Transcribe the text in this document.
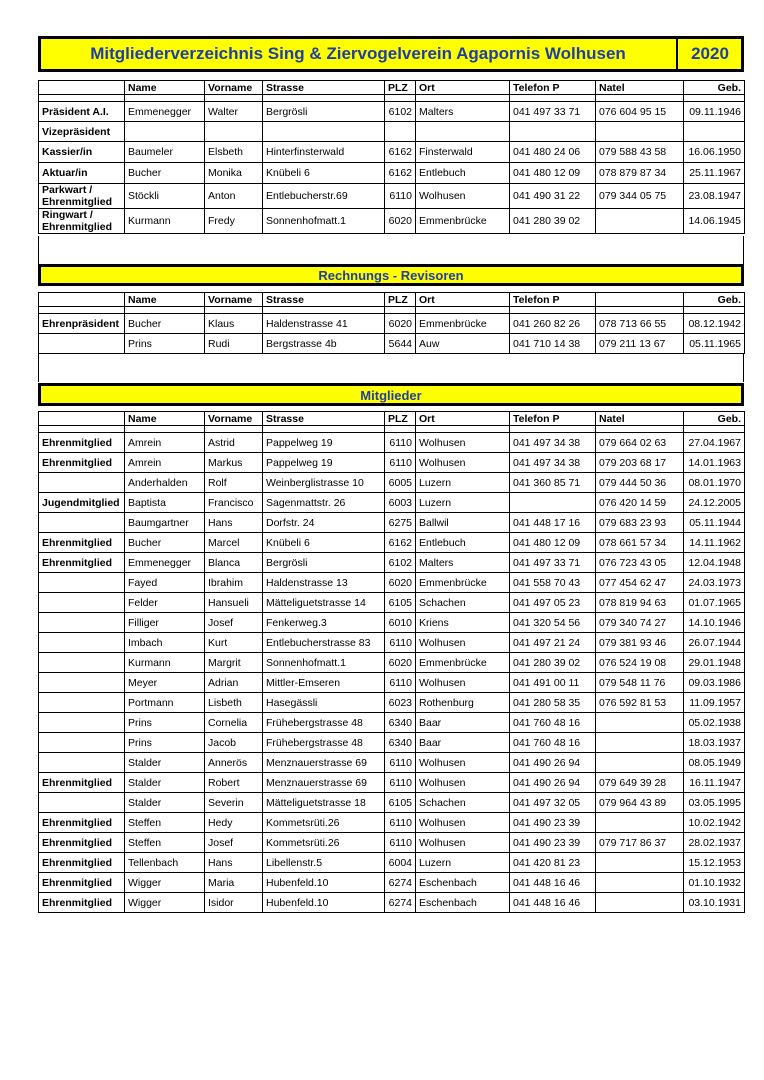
Mitgliederverzeichnis Sing & Ziervogelverein Agapornis Wolhusen	2020
	Name	Vorname	Strasse	PLZ	Ort	Telefon P	Natel	Geb.

Präsident A.I.	Emmenegger	Walter	Bergrösli	6102	Malters	041 497 33 71	076 604 95 15	09.11.1946
Vizepräsident								
Kassier/in	Baumeler	Elsbeth	Hinterfinsterwald	6162	Finsterwald	041 480 24 06	079 588 43 58	16.06.1950
Aktuar/in	Bucher	Monika	Knübeli 6	6162	Entlebuch	041 480 12 09	078 879 87 34	25.11.1967
Parkwart / Ehrenmitglied	Stöckli	Anton	Entlebucherstr.69	6110	Wolhusen	041 490 31 22	079 344 05 75	23.08.1947
Ringwart / Ehrenmitglied	Kurmann	Fredy	Sonnenhofmatt.1	6020	Emmenbrücke	041 280 39 02		14.06.1945
Rechnungs - Revisoren
	Name	Vorname	Strasse	PLZ	Ort	Telefon P		Geb.

Ehrenpräsident	Bucher	Klaus	Haldenstrasse 41	6020	Emmenbrücke	041 260 82 26	078 713 66 55	08.12.1942
	Prins	Rudi	Bergstrasse 4b	5644	Auw	041 710 14 38	079 211 13 67	05.11.1965
Mitglieder
	Name	Vorname	Strasse	PLZ	Ort	Telefon P	Natel	Geb.

Ehrenmitglied	Amrein	Astrid	Pappelweg 19	6110	Wolhusen	041 497 34 38	079 664 02 63	27.04.1967
Ehrenmitglied	Amrein	Markus	Pappelweg 19	6110	Wolhusen	041 497 34 38	079 203 68 17	14.01.1963
	Anderhalden	Rolf	Weinberglistrasse 10	6005	Luzern	041 360 85 71	079 444 50 36	08.01.1970
Jugendmitglied	Baptista	Francisco	Sagenmattstr. 26	6003	Luzern		076 420 14 59	24.12.2005
	Baumgartner	Hans	Dorfstr. 24	6275	Ballwil	041 448 17 16	079 683 23 93	05.11.1944
Ehrenmitglied	Bucher	Marcel	Knübeli 6	6162	Entlebuch	041 480 12 09	078 661 57 34	14.11.1962
Ehrenmitglied	Emmenegger	Blanca	Bergrösli	6102	Malters	041 497 33 71	076 723 43 05	12.04.1948
	Fayed	Ibrahim	Haldenstrasse 13	6020	Emmenbrücke	041 558 70 43	077 454 62 47	24.03.1973
	Felder	Hansueli	Mätteliguetstrasse 14	6105	Schachen	041 497 05 23	078 819 94 63	01.07.1965
	Filliger	Josef	Fenkerweg.3	6010	Kriens	041 320 54 56	079 340 74 27	14.10.1946
	Imbach	Kurt	Entlebucherstrasse 83	6110	Wolhusen	041 497 21 24	079 381 93 46	26.07.1944
	Kurmann	Margrit	Sonnenhofmatt.1	6020	Emmenbrücke	041 280 39 02	076 524 19 08	29.01.1948
	Meyer	Adrian	Mittler-Emseren	6110	Wolhusen	041 491 00 11	079 548 11 76	09.03.1986
	Portmann	Lisbeth	Hasegässli	6023	Rothenburg	041 280 58 35	076 592 81 53	11.09.1957
	Prins	Cornelia	Frühebergstrasse 48	6340	Baar	041 760 48 16		05.02.1938
	Prins	Jacob	Frühebergstrasse 48	6340	Baar	041 760 48 16		18.03.1937
	Stalder	Annerös	Menznauerstrasse 69	6110	Wolhusen	041 490 26 94		08.05.1949
Ehrenmitglied	Stalder	Robert	Menznauerstrasse 69	6110	Wolhusen	041 490 26 94	079 649 39 28	16.11.1947
	Stalder	Severin	Mätteliguetstrasse 18	6105	Schachen	041 497 32 05	079 964 43 89	03.05.1995
Ehrenmitglied	Steffen	Hedy	Kommetsrüti.26	6110	Wolhusen	041 490 23 39		10.02.1942
Ehrenmitglied	Steffen	Josef	Kommetsrüti.26	6110	Wolhusen	041 490 23 39	079 717 86 37	28.02.1937
Ehrenmitglied	Tellenbach	Hans	Libellenstr.5	6004	Luzern	041 420 81 23		15.12.1953
Ehrenmitglied	Wigger	Maria	Hubenfeld.10	6274	Eschenbach	041 448 16 46		01.10.1932
Ehrenmitglied	Wigger	Isidor	Hubenfeld.10	6274	Eschenbach	041 448 16 46		03.10.1931
